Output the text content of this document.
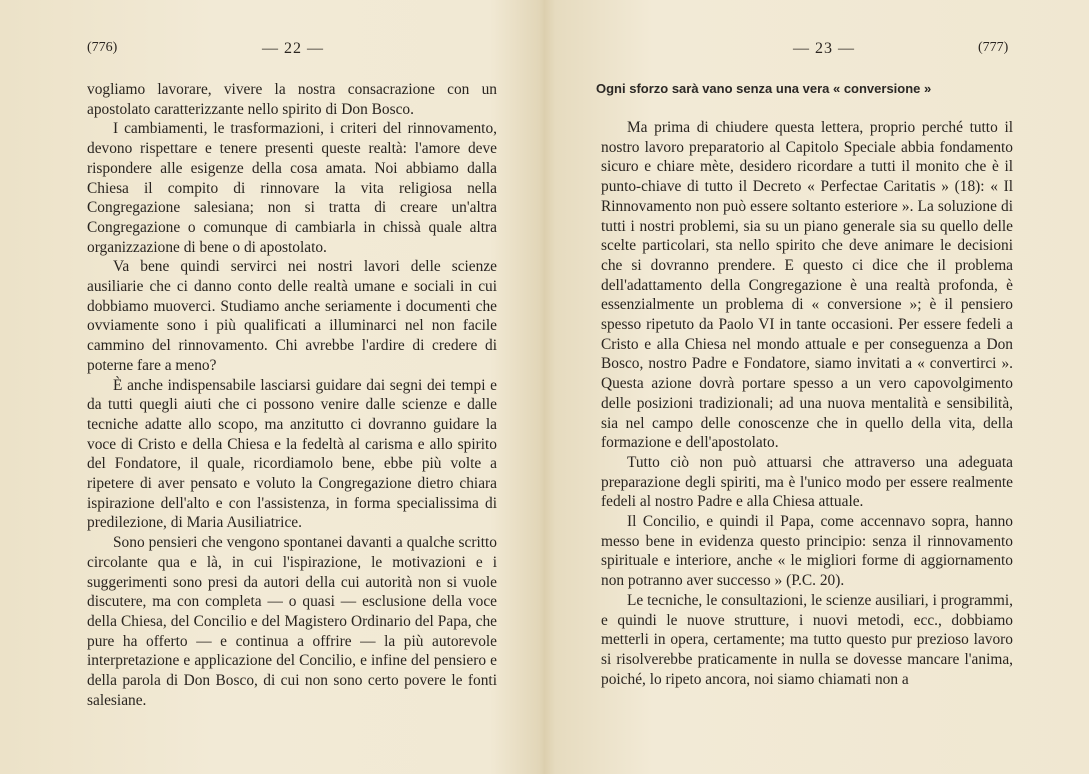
(776)	— 22 —

vogliamo lavorare, vivere la nostra consacrazione con un apostolato caratterizzante nello spirito di Don Bosco.

I cambiamenti, le trasformazioni, i criteri del rinnovamento, devono rispettare e tenere presenti queste realtà: l'amore deve rispondere alle esigenze della cosa amata. Noi abbiamo dalla Chiesa il compito di rinnovare la vita religiosa nella Congregazione salesiana; non si tratta di creare un'altra Congregazione o comunque di cambiarla in chissà quale altra organizzazione di bene o di apostolato.

Va bene quindi servirci nei nostri lavori delle scienze ausiliarie che ci danno conto delle realtà umane e sociali in cui dobbiamo muoverci. Studiamo anche seriamente i documenti che ovviamente sono i più qualificati a illuminarci nel non facile cammino del rinnovamento. Chi avrebbe l'ardire di credere di poterne fare a meno?

È anche indispensabile lasciarsi guidare dai segni dei tempi e da tutti quegli aiuti che ci possono venire dalle scienze e dalle tecniche adatte allo scopo, ma anzitutto ci dovranno guidare la voce di Cristo e della Chiesa e la fedeltà al carisma e allo spirito del Fondatore, il quale, ricordiamolo bene, ebbe più volte a ripetere di aver pensato e voluto la Congregazione dietro chiara ispirazione dell'alto e con l'assistenza, in forma specialissima di predilezione, di Maria Ausiliatrice.

Sono pensieri che vengono spontanei davanti a qualche scritto circolante qua e là, in cui l'ispirazione, le motivazioni e i suggerimenti sono presi da autori della cui autorità non si vuole discutere, ma con completa — o quasi — esclusione della voce della Chiesa, del Concilio e del Magistero Ordinario del Papa, che pure ha offerto — e continua a offrire — la più autorevole interpretazione e applicazione del Concilio, e infine del pensiero e della parola di Don Bosco, di cui non sono certo povere le fonti salesiane.

— 23 —	(777)
Ogni sforzo sarà vano senza una vera « conversione »

Ma prima di chiudere questa lettera, proprio perché tutto il nostro lavoro preparatorio al Capitolo Speciale abbia fondamento sicuro e chiare mète, desidero ricordare a tutti il monito che è il punto-chiave di tutto il Decreto « Perfectae Caritatis » (18): « Il Rinnovamento non può essere soltanto esteriore ». La soluzione di tutti i nostri problemi, sia su un piano generale sia su quello delle scelte particolari, sta nello spirito che deve animare le decisioni che si dovranno prendere. E questo ci dice che il problema dell'adattamento della Congregazione è una realtà profonda, è essenzialmente un problema di « conversione »; è il pensiero spesso ripetuto da Paolo VI in tante occasioni. Per essere fedeli a Cristo e alla Chiesa nel mondo attuale e per conseguenza a Don Bosco, nostro Padre e Fondatore, siamo invitati a « convertirci ». Questa azione dovrà portare spesso a un vero capovolgimento delle posizioni tradizionali; ad una nuova mentalità e sensibilità, sia nel campo delle conoscenze che in quello della vita, della formazione e dell'apostolato.

Tutto ciò non può attuarsi che attraverso una adeguata preparazione degli spiriti, ma è l'unico modo per essere realmente fedeli al nostro Padre e alla Chiesa attuale.

Il Concilio, e quindi il Papa, come accennavo sopra, hanno messo bene in evidenza questo principio: senza il rinnovamento spirituale e interiore, anche « le migliori forme di aggiornamento non potranno aver successo » (P.C. 20).

Le tecniche, le consultazioni, le scienze ausiliari, i programmi, e quindi le nuove strutture, i nuovi metodi, ecc., dobbiamo metterli in opera, certamente; ma tutto questo pur prezioso lavoro si risolverebbe praticamente in nulla se dovesse mancare l'anima, poiché, lo ripeto ancora, noi siamo chiamati non a
